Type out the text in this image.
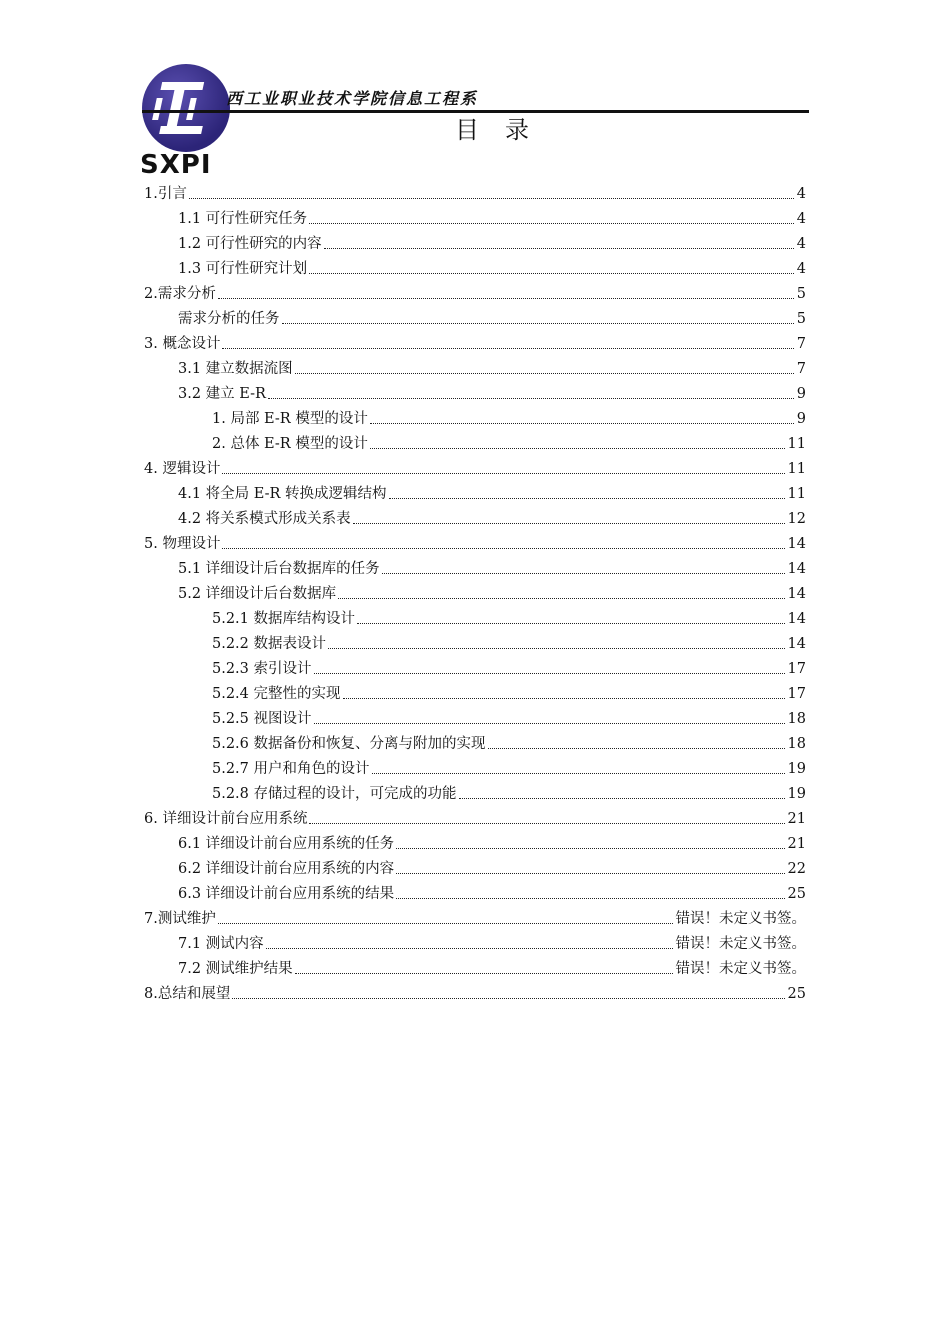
SXPI
西工业职业技术学院信息工程系
目录
1.引言	4
1.1 可行性研究任务	4
1.2 可行性研究的内容	4
1.3 可行性研究计划	4
2.需求分析	5
需求分析的任务	5
3. 概念设计	7
3.1 建立数据流图	7
3.2 建立 E-R	9
1. 局部 E-R 模型的设计	9
2. 总体 E-R 模型的设计	11
4. 逻辑设计	11
4.1 将全局 E-R 转换成逻辑结构	11
4.2 将关系模式形成关系表	12
5. 物理设计	14
5.1 详细设计后台数据库的任务	14
5.2 详细设计后台数据库	14
5.2.1 数据库结构设计	14
5.2.2 数据表设计	14
5.2.3 索引设计	17
5.2.4 完整性的实现	17
5.2.5 视图设计	18
5.2.6 数据备份和恢复、分离与附加的实现	18
5.2.7 用户和角色的设计	19
5.2.8 存储过程的设计，可完成的功能	19
6. 详细设计前台应用系统	21
6.1 详细设计前台应用系统的任务	21
6.2 详细设计前台应用系统的内容	22
6.3 详细设计前台应用系统的结果	25
7.测试维护	错误！未定义书签。
7.1 测试内容	错误！未定义书签。
7.2 测试维护结果	错误！未定义书签。
8.总结和展望	25
